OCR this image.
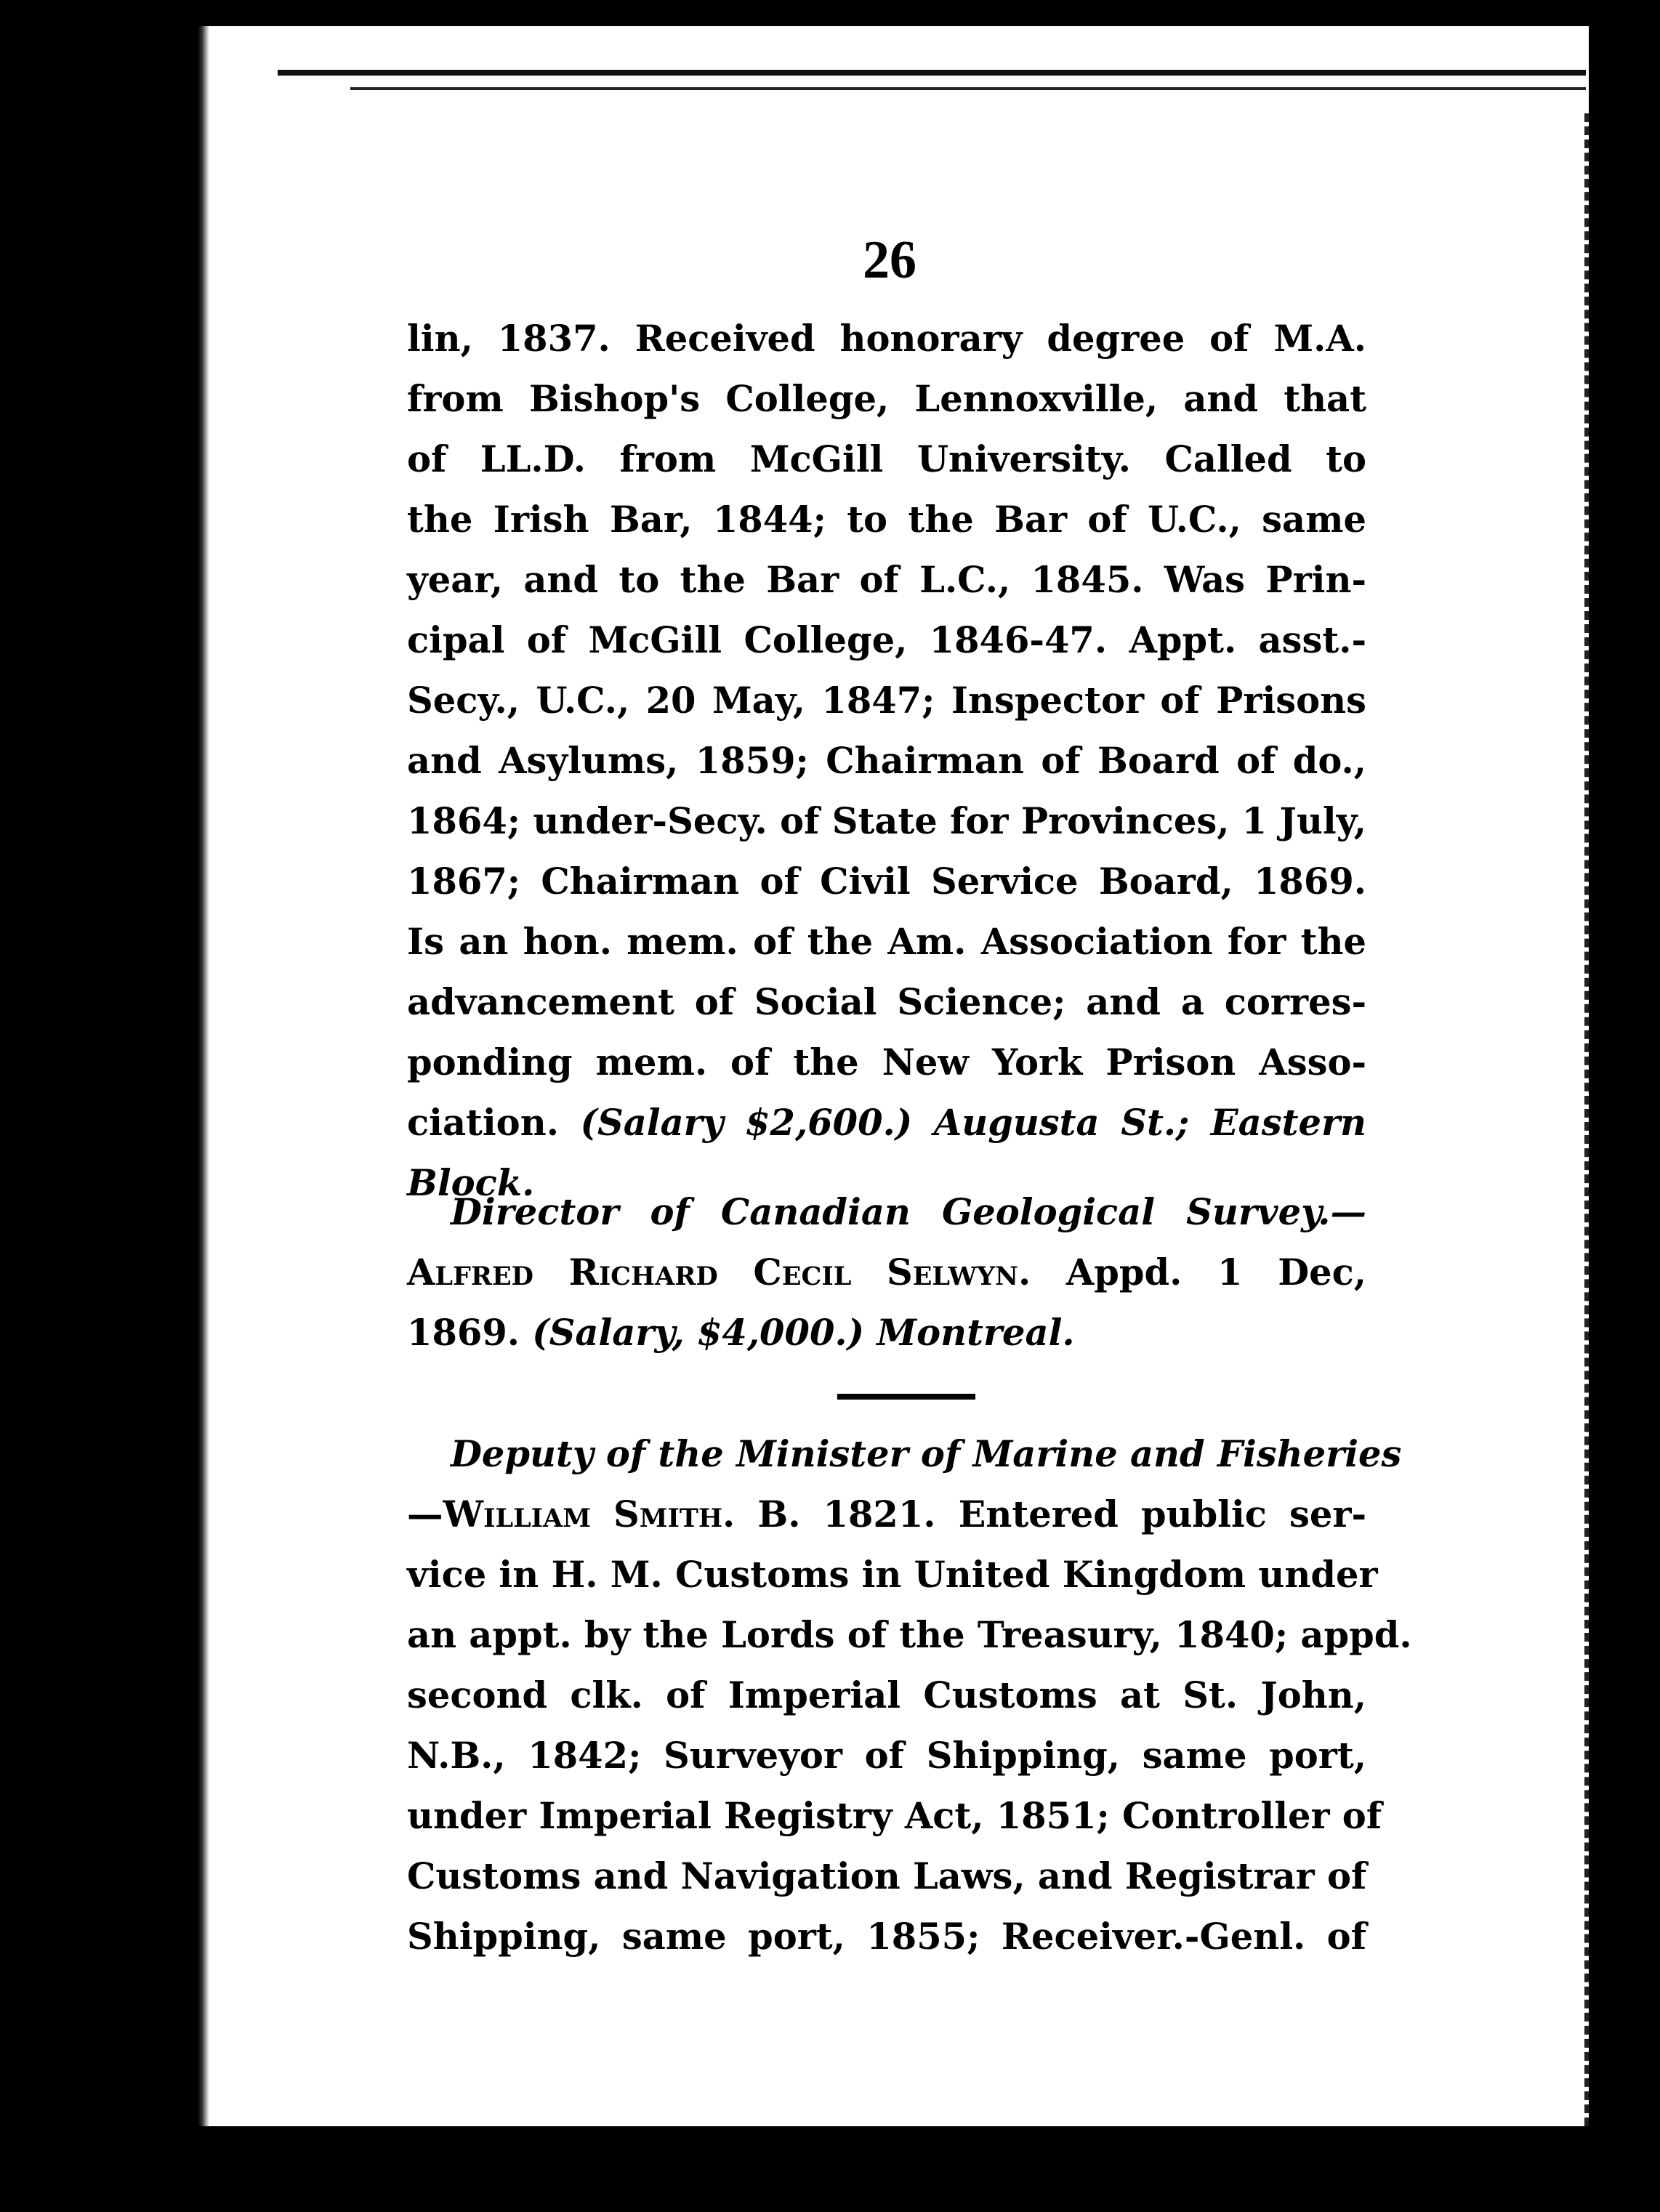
26
lin, 1837. Received honorary degree of M.A.
from Bishop's College, Lennoxville, and that
of LL.D. from McGill University. Called to
the Irish Bar, 1844; to the Bar of U.C., same
year, and to the Bar of L.C., 1845. Was Prin-
cipal of McGill College, 1846-47. Appt. asst.-
Secy., U.C., 20 May, 1847; Inspector of Prisons
and Asylums, 1859; Chairman of Board of do.,
1864; under-Secy. of State for Provinces, 1 July,
1867; Chairman of Civil Service Board, 1869.
Is an hon. mem. of the Am. Association for the
advancement of Social Science; and a corres-
ponding mem. of the New York Prison Asso-
ciation. (Salary $2,600.) Augusta St.; Eastern
Block.
Director of Canadian Geological Survey.—
Alfred Richard Cecil Selwyn. Appd. 1 Dec,
1869. (Salary, $4,000.) Montreal.
Deputy of the Minister of Marine and Fisheries
—William Smith. B. 1821. Entered public ser-
vice in H. M. Customs in United Kingdom under
an appt. by the Lords of the Treasury, 1840; appd.
second clk. of Imperial Customs at St. John,
N.B., 1842; Surveyor of Shipping, same port,
under Imperial Registry Act, 1851; Controller of
Customs and Navigation Laws, and Registrar of
Shipping, same port, 1855; Receiver.-Genl. of
